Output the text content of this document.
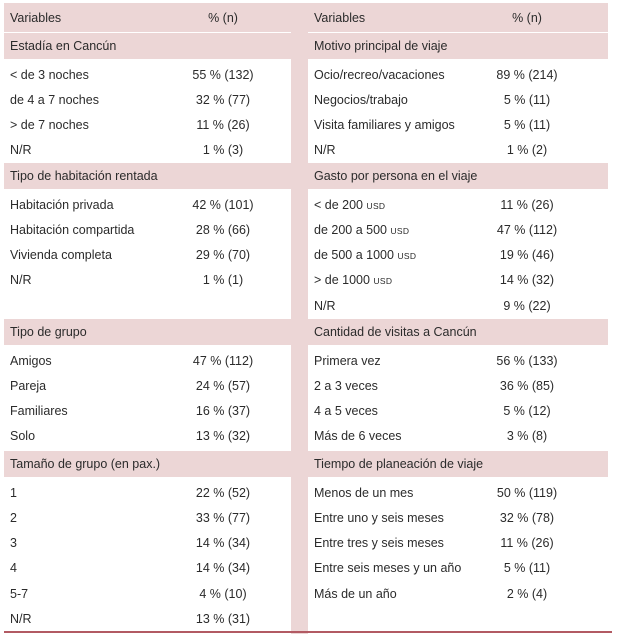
Variables	% (n)
Estadía en Cancún
< de 3 noches	55 % (132)
de 4 a 7 noches	32 % (77)
> de 7 noches	11 % (26)
N/R	1 % (3)
Tipo de habitación rentada
Habitación privada	42 % (101)
Habitación compartida	28 % (66)
Vivienda completa	29 % (70)
N/R	1 % (1)
Tipo de grupo
Amigos	47 % (112)
Pareja	24 % (57)
Familiares	16 % (37)
Solo	13 % (32)
Tamaño de grupo (en pax.)
1	22 % (52)
2	33 % (77)
3	14 % (34)
4	14 % (34)
5-7	4 % (10)
N/R	13 % (31)
Variables	% (n)
Motivo principal de viaje
Ocio/recreo/vacaciones	89 % (214)
Negocios/trabajo	5 % (11)
Visita familiares y amigos	5 % (11)
N/R	1 % (2)
Gasto por persona en el viaje
< de 200 USD	11 % (26)
de 200 a 500 USD	47 % (112)
de 500 a 1000 USD	19 % (46)
> de 1000 USD	14 % (32)
N/R	9 % (22)
Cantidad de visitas a Cancún
Primera vez	56 % (133)
2 a 3 veces	36 % (85)
4 a 5 veces	5 % (12)
Más de 6 veces	3 % (8)
Tiempo de planeación de viaje
Menos de un mes	50 % (119)
Entre uno y seis meses	32 % (78)
Entre tres y seis meses	11 % (26)
Entre seis meses y un año	5 % (11)
Más de un año	2 % (4)
